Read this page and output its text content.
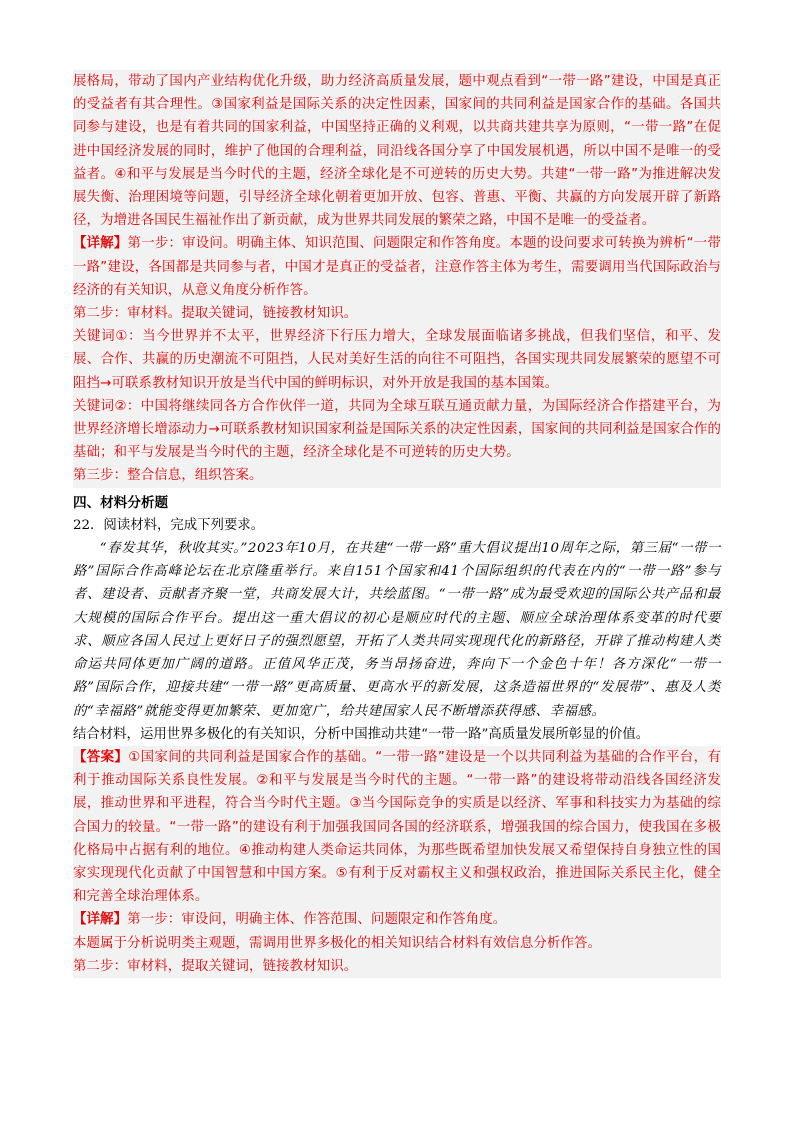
展格局，带动了国内产业结构优化升级，助力经济高质量发展，题中观点看到“一带一路”建设，中国是真正的受益者有其合理性。③国家利益是国际关系的决定性因素，国家间的共同利益是国家合作的基础。各国共同参与建设，也是有着共同的国家利益，中国坚持正确的义利观，以共商共建共享为原则，“一带一路”在促进中国经济发展的同时，维护了他国的合理利益，同沿线各国分享了中国发展机遇，所以中国不是唯一的受益者。④和平与发展是当今时代的主题，经济全球化是不可逆转的历史大势。共建“一带一路”为推进解决发展失衡、治理困境等问题，引导经济全球化朝着更加开放、包容、普惠、平衡、共赢的方向发展开辟了新路径，为增进各国民生福祉作出了新贡献，成为世界共同发展的繁荣之路，中国不是唯一的受益者。

【详解】第一步：审设问。明确主体、知识范围、问题限定和作答角度。本题的设问要求可转换为辨析“一带一路”建设，各国都是共同参与者，中国才是真正的受益者，注意作答主体为考生，需要调用当代国际政治与经济的有关知识，从意义角度分析作答。

第二步：审材料。提取关键词，链接教材知识。

关键词①：当今世界并不太平，世界经济下行压力增大，全球发展面临诸多挑战，但我们坚信，和平、发展、合作、共赢的历史潮流不可阻挡，人民对美好生活的向往不可阻挡，各国实现共同发展繁荣的愿望不可阻挡→可联系教材知识开放是当代中国的鲜明标识，对外开放是我国的基本国策。

关键词②：中国将继续同各方合作伙伴一道，共同为全球互联互通贡献力量，为国际经济合作搭建平台，为世界经济增长增添动力→可联系教材知识国家利益是国际关系的决定性因素，国家间的共同利益是国家合作的基础；和平与发展是当今时代的主题，经济全球化是不可逆转的历史大势。

第三步：整合信息，组织答案。

四、材料分析题

22．阅读材料，完成下列要求。

“春发其华，秋收其实。”2023年10月，在共建“一带一路”重大倡议提出10周年之际，第三届“一带一路”国际合作高峰论坛在北京隆重举行。来自151个国家和41个国际组织的代表在内的“一带一路”参与者、建设者、贡献者齐聚一堂，共商发展大计，共绘蓝图。“一带一路”成为最受欢迎的国际公共产品和最大规模的国际合作平台。提出这一重大倡议的初心是顺应时代的主题、顺应全球治理体系变革的时代要求、顺应各国人民过上更好日子的强烈愿望，开拓了人类共同实现现代化的新路径，开辟了推动构建人类命运共同体更加广阔的道路。正值风华正茂，务当昂扬奋进，奔向下一个金色十年！各方深化“一带一路”国际合作，迎接共建“一带一路”更高质量、更高水平的新发展，这条造福世界的“发展带”、惠及人类的“幸福路”就能变得更加繁荣、更加宽广，给共建国家人民不断增添获得感、幸福感。

结合材料，运用世界多极化的有关知识，分析中国推动共建“一带一路”高质量发展所彰显的价值。

【答案】①国家间的共同利益是国家合作的基础。“一带一路”建设是一个以共同利益为基础的合作平台，有利于推动国际关系良性发展。②和平与发展是当今时代的主题。“一带一路”的建设将带动沿线各国经济发展，推动世界和平进程，符合当今时代主题。③当今国际竞争的实质是以经济、军事和科技实力为基础的综合国力的较量。“一带一路”的建设有利于加强我国同各国的经济联系，增强我国的综合国力，使我国在多极化格局中占据有利的地位。④推动构建人类命运共同体，为那些既希望加快发展又希望保持自身独立性的国家实现现代化贡献了中国智慧和中国方案。⑤有利于反对霸权主义和强权政治，推进国际关系民主化，健全和完善全球治理体系。

【详解】第一步：审设问，明确主体、作答范围、问题限定和作答角度。

本题属于分析说明类主观题，需调用世界多极化的相关知识结合材料有效信息分析作答。

第二步：审材料，提取关键词，链接教材知识。
